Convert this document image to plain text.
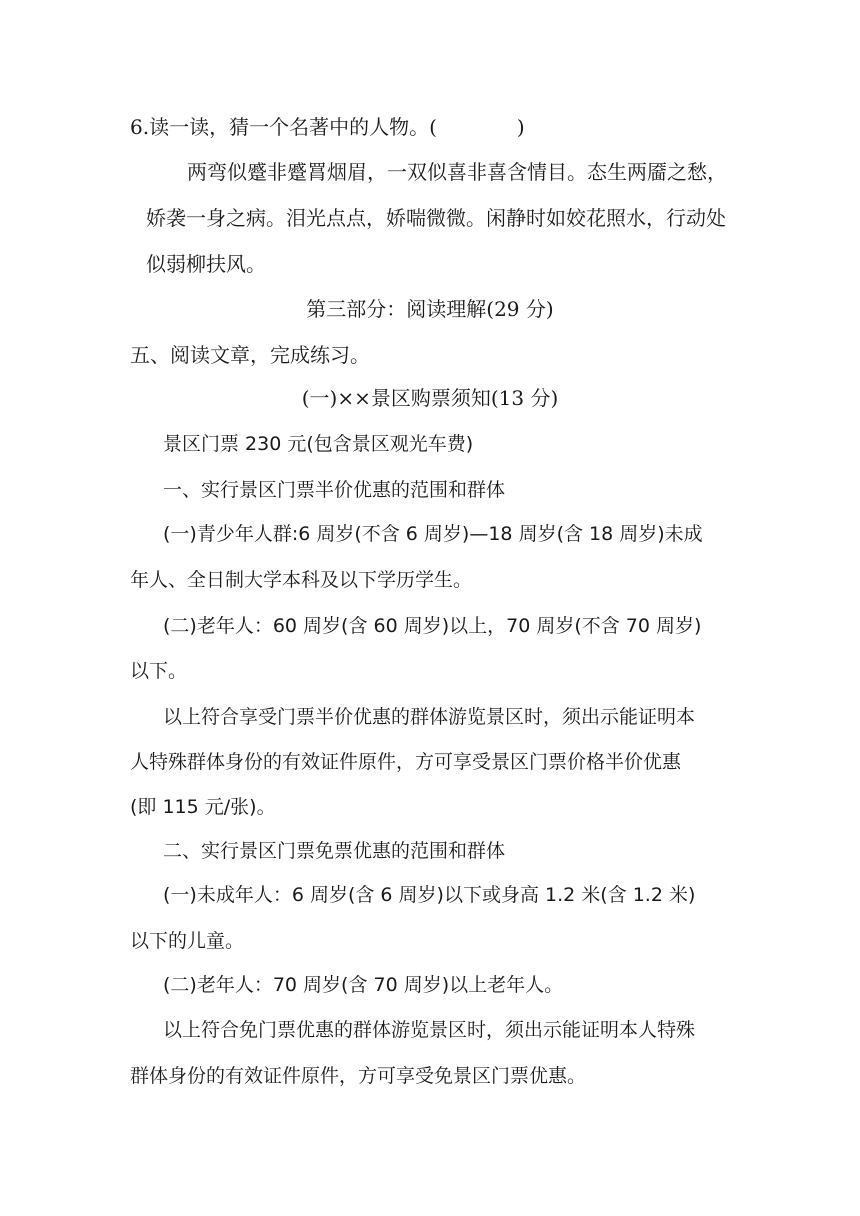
6.读一读，猜一个名著中的人物。(	)
两弯似蹙非蹙罥烟眉，一双似喜非喜含情目。态生两靥之愁，
娇袭一身之病。泪光点点，娇喘微微。闲静时如姣花照水，行动处
似弱柳扶风。
第三部分：阅读理解(29 分)
五、阅读文章，完成练习。
(一)××景区购票须知(13 分)
景区门票 230 元(包含景区观光车费)
一、实行景区门票半价优惠的范围和群体
(一)青少年人群:6 周岁(不含 6 周岁)—18 周岁(含 18 周岁)未成
年人、全日制大学本科及以下学历学生。
(二)老年人：60 周岁(含 60 周岁)以上，70 周岁(不含 70 周岁)
以下。
以上符合享受门票半价优惠的群体游览景区时，须出示能证明本
人特殊群体身份的有效证件原件，方可享受景区门票价格半价优惠
(即 115 元/张)。
二、实行景区门票免票优惠的范围和群体
(一)未成年人：6 周岁(含 6 周岁)以下或身高 1.2 米(含 1.2 米)
以下的儿童。
(二)老年人：70 周岁(含 70 周岁)以上老年人。
以上符合免门票优惠的群体游览景区时，须出示能证明本人特殊
群体身份的有效证件原件，方可享受免景区门票优惠。
